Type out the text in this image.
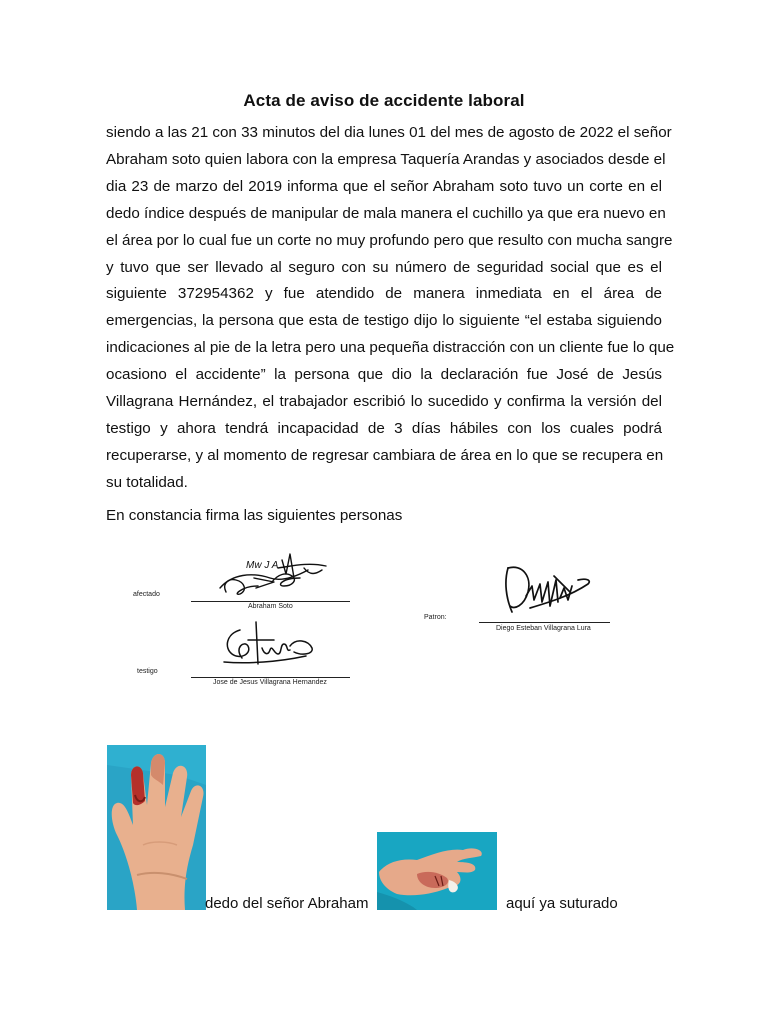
Acta de aviso de accidente laboral
siendo a las 21 con 33 minutos del dia lunes 01 del mes de agosto de 2022 el señor
Abraham soto quien labora con la empresa Taquería Arandas y asociados desde el
dia 23 de marzo del 2019 informa que el señor Abraham soto tuvo un corte en el
dedo índice después de manipular de mala manera el cuchillo ya que era nuevo en
el área por lo cual fue un corte no muy profundo pero que resulto con mucha sangre
y tuvo que ser llevado al seguro con su número de seguridad social que es el
siguiente 372954362 y fue atendido de manera inmediata en el área de
emergencias, la persona que esta de testigo dijo lo siguiente “el estaba siguiendo
indicaciones al pie de la letra pero una pequeña distracción con un cliente fue lo que
ocasiono el accidente” la persona que dio la declaración fue José de Jesús
Villagrana Hernández, el trabajador escribió lo sucedido y confirma la versión del
testigo y ahora tendrá incapacidad de 3 días hábiles con los cuales podrá
recuperarse, y al momento de regresar cambiara de área en lo que se recupera en
su totalidad.
En constancia firma las siguientes personas
Mw J A
afectado
Abraham Soto
testigo
Jose de Jesus Villagrana Hernandez
Patron:
Diego Esteban Villagrana Lura
dedo del señor Abraham	aquí ya suturado
